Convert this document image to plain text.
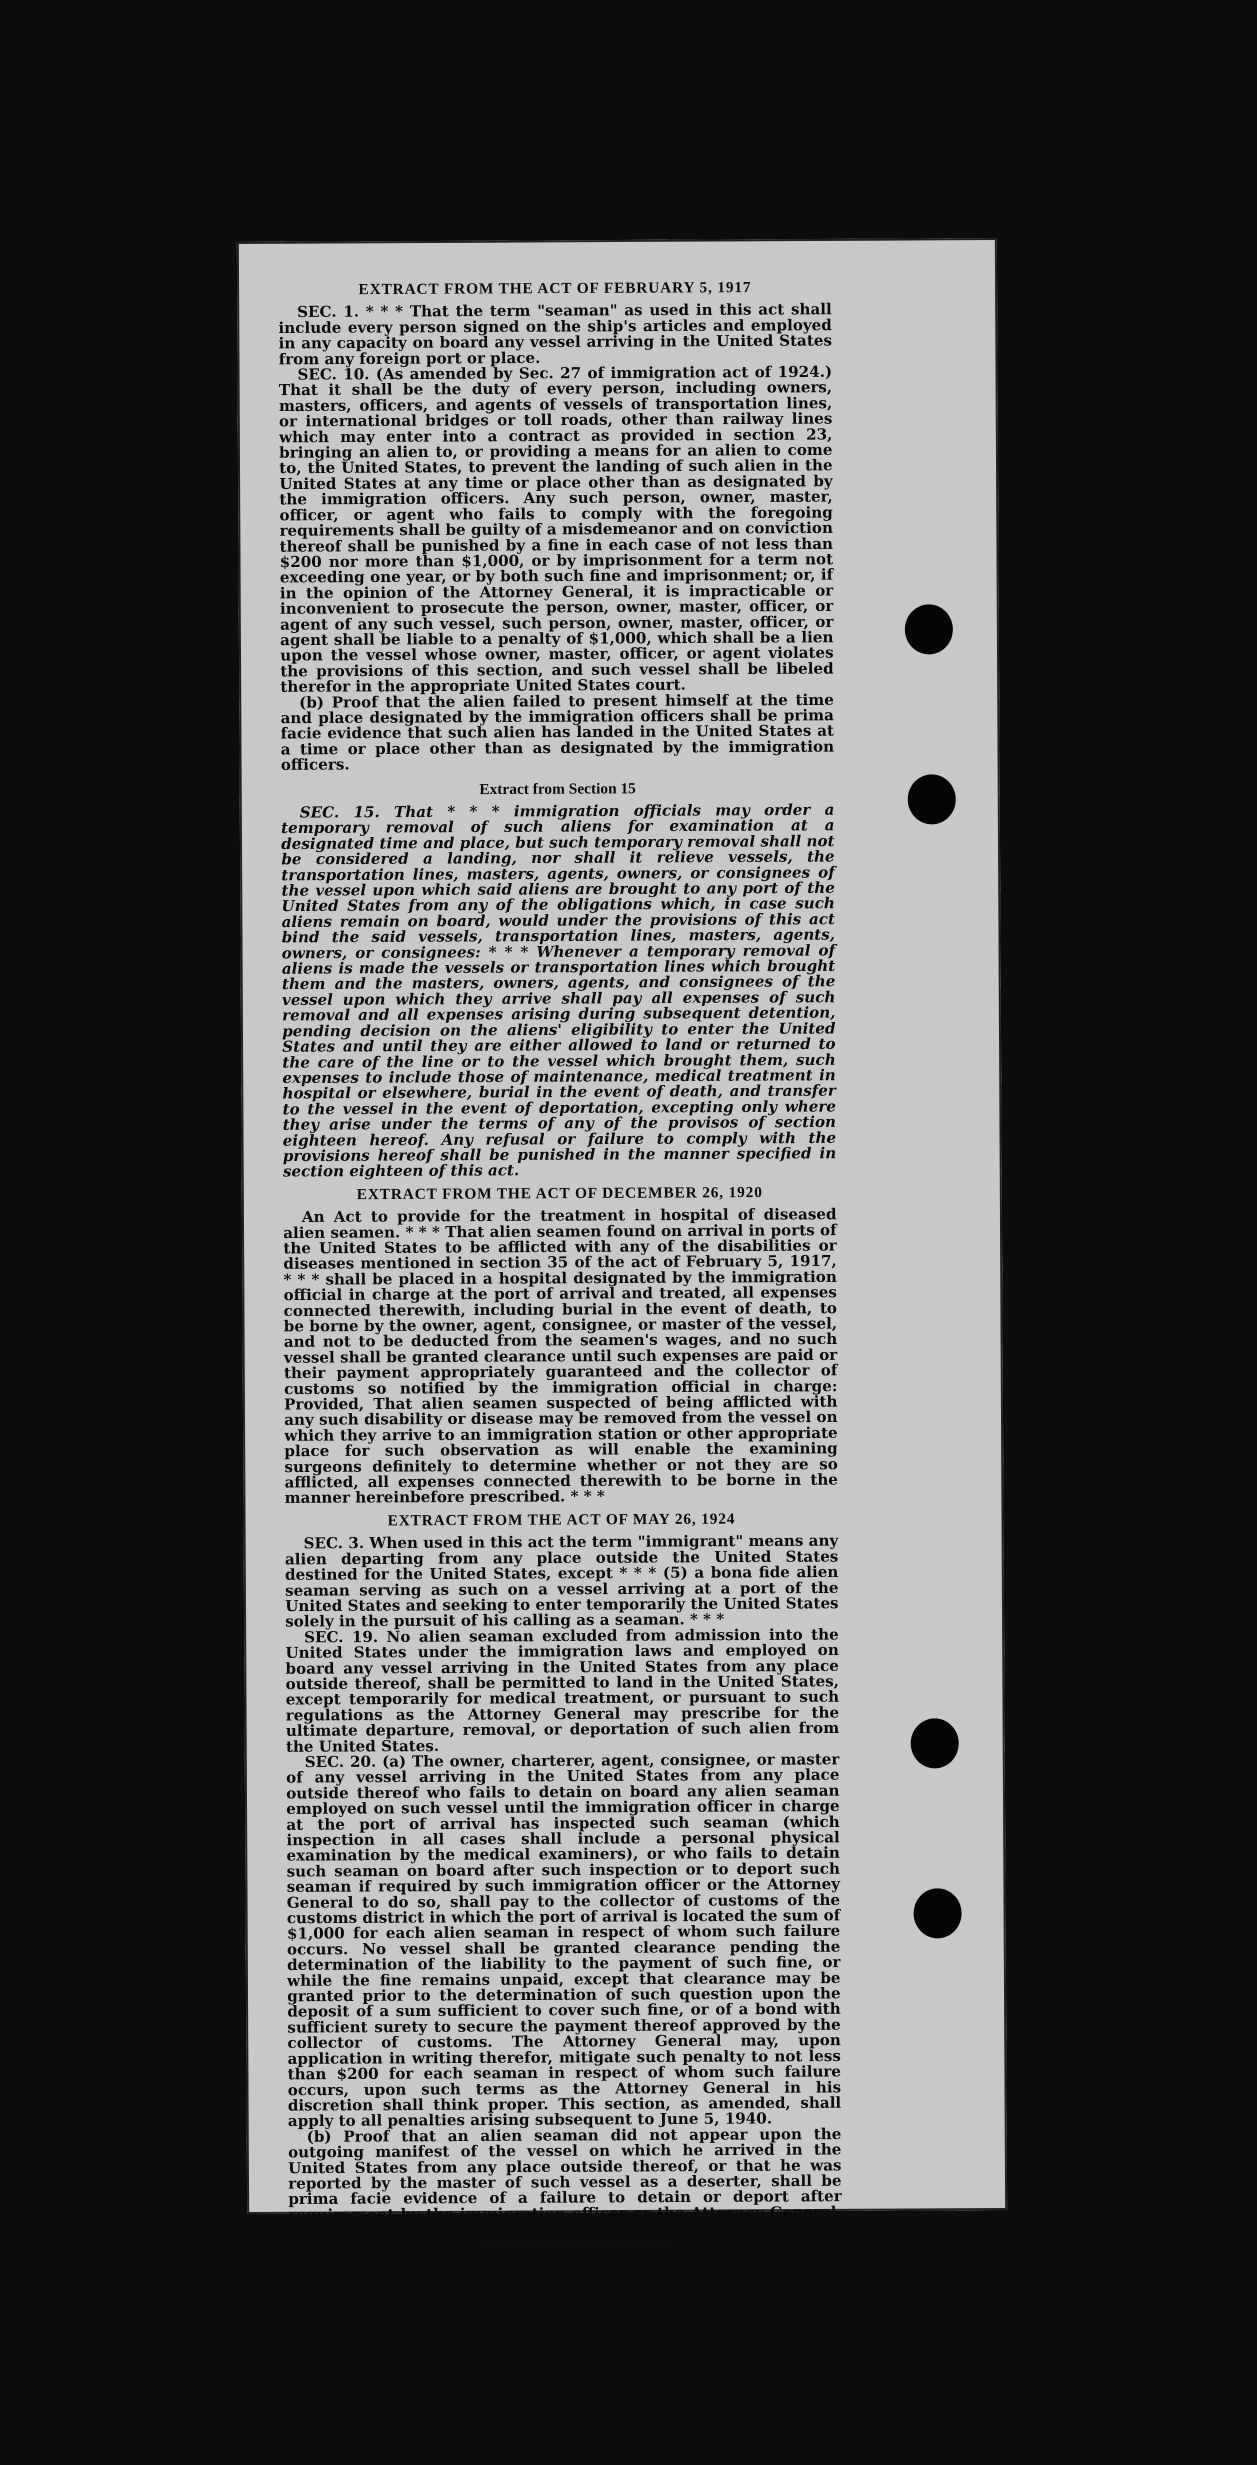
EXTRACT FROM THE ACT OF FEBRUARY 5, 1917

SEC. 1. * * * That the term "seaman" as used in this act shall include every person signed on the ship's articles and employed in any capacity on board any vessel arriving in the United States from any foreign port or place.

SEC. 10. (As amended by Sec. 27 of immigration act of 1924.) That it shall be the duty of every person, including owners, masters, officers, and agents of vessels of transportation lines, or international bridges or toll roads, other than railway lines which may enter into a contract as provided in section 23, bringing an alien to, or providing a means for an alien to come to, the United States, to prevent the landing of such alien in the United States at any time or place other than as designated by the immigration officers. Any such person, owner, master, officer, or agent who fails to comply with the foregoing requirements shall be guilty of a misdemeanor and on conviction thereof shall be punished by a fine in each case of not less than $200 nor more than $1,000, or by imprisonment for a term not exceeding one year, or by both such fine and imprisonment; or, if in the opinion of the Attorney General, it is impracticable or inconvenient to prosecute the person, owner, master, officer, or agent of any such vessel, such person, owner, master, officer, or agent shall be liable to a penalty of $1,000, which shall be a lien upon the vessel whose owner, master, officer, or agent violates the provisions of this section, and such vessel shall be libeled therefor in the appropriate United States court.

(b) Proof that the alien failed to present himself at the time and place designated by the immigration officers shall be prima facie evidence that such alien has landed in the United States at a time or place other than as designated by the immigration officers.

Extract from Section 15

SEC. 15. That * * * immigration officials may order a temporary removal of such aliens for examination at a designated time and place, but such temporary removal shall not be considered a landing, nor shall it relieve vessels, the transportation lines, masters, agents, owners, or consignees of the vessel upon which said aliens are brought to any port of the United States from any of the obligations which, in case such aliens remain on board, would under the provisions of this act bind the said vessels, transportation lines, masters, agents, owners, or consignees: * * * Whenever a temporary removal of aliens is made the vessels or transportation lines which brought them and the masters, owners, agents, and consignees of the vessel upon which they arrive shall pay all expenses of such removal and all expenses arising during subsequent detention, pending decision on the aliens' eligibility to enter the United States and until they are either allowed to land or returned to the care of the line or to the vessel which brought them, such expenses to include those of maintenance, medical treatment in hospital or elsewhere, burial in the event of death, and transfer to the vessel in the event of deportation, excepting only where they arise under the terms of any of the provisos of section eighteen hereof. Any refusal or failure to comply with the provisions hereof shall be punished in the manner specified in section eighteen of this act.

EXTRACT FROM THE ACT OF DECEMBER 26, 1920

An Act to provide for the treatment in hospital of diseased alien seamen. * * * That alien seamen found on arrival in ports of the United States to be afflicted with any of the disabilities or diseases mentioned in section 35 of the act of February 5, 1917, * * * shall be placed in a hospital designated by the immigration official in charge at the port of arrival and treated, all expenses connected therewith, including burial in the event of death, to be borne by the owner, agent, consignee, or master of the vessel, and not to be deducted from the seamen's wages, and no such vessel shall be granted clearance until such expenses are paid or their payment appropriately guaranteed and the collector of customs so notified by the immigration official in charge: Provided, That alien seamen suspected of being afflicted with any such disability or disease may be removed from the vessel on which they arrive to an immigration station or other appropriate place for such observation as will enable the examining surgeons definitely to determine whether or not they are so afflicted, all expenses connected therewith to be borne in the manner hereinbefore prescribed. * * *

EXTRACT FROM THE ACT OF MAY 26, 1924

SEC. 3. When used in this act the term "immigrant" means any alien departing from any place outside the United States destined for the United States, except * * * (5) a bona fide alien seaman serving as such on a vessel arriving at a port of the United States and seeking to enter temporarily the United States solely in the pursuit of his calling as a seaman. * * *

SEC. 19. No alien seaman excluded from admission into the United States under the immigration laws and employed on board any vessel arriving in the United States from any place outside thereof, shall be permitted to land in the United States, except temporarily for medical treatment, or pursuant to such regulations as the Attorney General may prescribe for the ultimate departure, removal, or deportation of such alien from the United States.

SEC. 20. (a) The owner, charterer, agent, consignee, or master of any vessel arriving in the United States from any place outside thereof who fails to detain on board any alien seaman employed on such vessel until the immigration officer in charge at the port of arrival has inspected such seaman (which inspection in all cases shall include a personal physical examination by the medical examiners), or who fails to detain such seaman on board after such inspection or to deport such seaman if required by such immigration officer or the Attorney General to do so, shall pay to the collector of customs of the customs district in which the port of arrival is located the sum of $1,000 for each alien seaman in respect of whom such failure occurs. No vessel shall be granted clearance pending the determination of the liability to the payment of such fine, or while the fine remains unpaid, except that clearance may be granted prior to the determination of such question upon the deposit of a sum sufficient to cover such fine, or of a bond with sufficient surety to secure the payment thereof approved by the collector of customs. The Attorney General may, upon application in writing therefor, mitigate such penalty to not less than $200 for each seaman in respect of whom such failure occurs, upon such terms as the Attorney General in his discretion shall think proper. This section, as amended, shall apply to all penalties arising subsequent to June 5, 1940.

(b) Proof that an alien seaman did not appear upon the outgoing manifest of the vessel on which he arrived in the United States from any place outside thereof, or that he was reported by the master of such vessel as a deserter, shall be prima facie evidence of a failure to detain or deport after requirement by the immigration officer or the Attorney General. * * *

† When delivery to the immigration station is directed, the aliens must be detained on board of the ship on which they arrived pending delivery to the immigration station. Such transfer must be made by the most direct and expeditious route with the least possible contact with the public, and at the expense and responsibility of the steamship company. Aliens who have been held for further medical examination in the belief that they are suffering from communicable diseases must be completely isolated from other passengers and from the public.

16—18027-1
